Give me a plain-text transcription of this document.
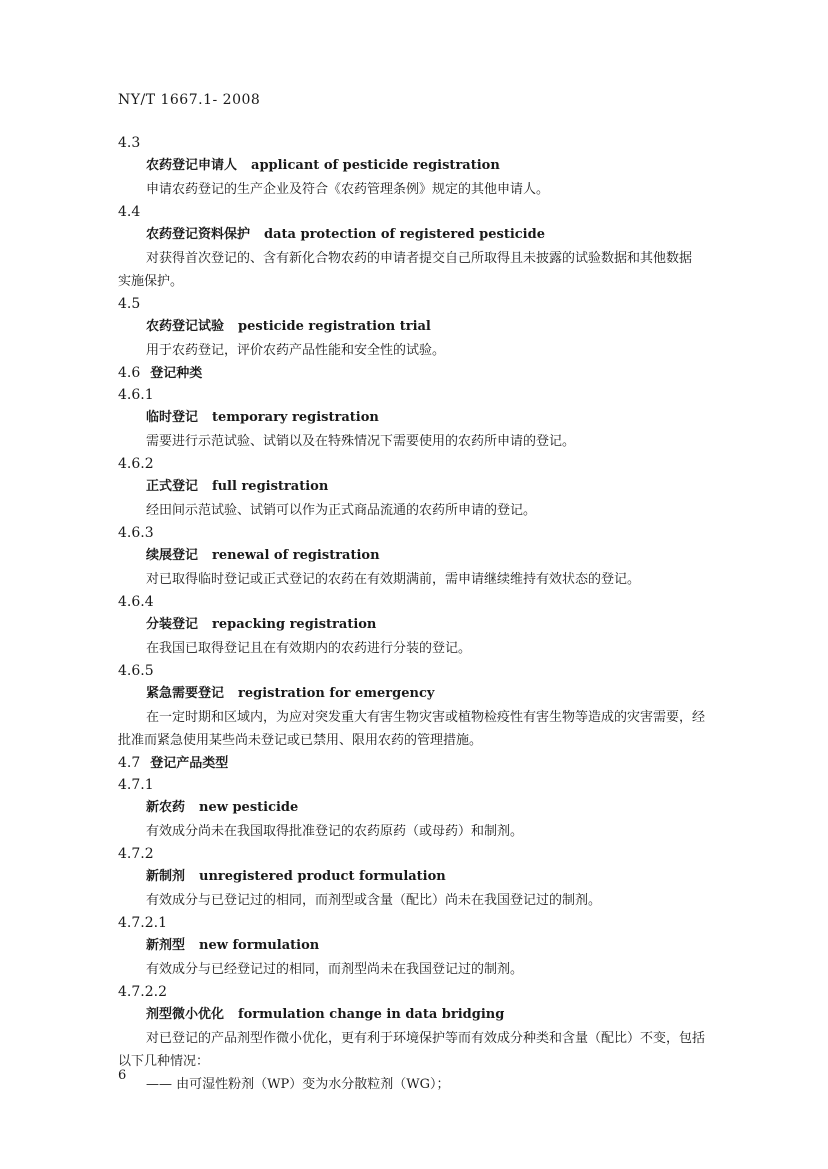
NY/T 1667.1- 2008
4.3
农药登记申请人 applicant of pesticide registration
申请农药登记的生产企业及符合《农药管理条例》规定的其他申请人。
4.4
农药登记资料保护 data protection of registered pesticide
对获得首次登记的、含有新化合物农药的申请者提交自己所取得且未披露的试验数据和其他数据
实施保护。
4.5
农药登记试验 pesticide registration trial
用于农药登记，评价农药产品性能和安全性的试验。
4.6 登记种类
4.6.1
临时登记 temporary registration
需要进行示范试验、试销以及在特殊情况下需要使用的农药所申请的登记。
4.6.2
正式登记 full registration
经田间示范试验、试销可以作为正式商品流通的农药所申请的登记。
4.6.3
续展登记 renewal of registration
对已取得临时登记或正式登记的农药在有效期满前，需申请继续维持有效状态的登记。
4.6.4
分装登记 repacking registration
在我国已取得登记且在有效期内的农药进行分装的登记。
4.6.5
紧急需要登记 registration for emergency
在一定时期和区域内，为应对突发重大有害生物灾害或植物检疫性有害生物等造成的灾害需要，经
批准而紧急使用某些尚未登记或已禁用、限用农药的管理措施。
4.7 登记产品类型
4.7.1
新农药 new pesticide
有效成分尚未在我国取得批准登记的农药原药（或母药）和制剂。
4.7.2
新制剂 unregistered product formulation
有效成分与已登记过的相同，而剂型或含量（配比）尚未在我国登记过的制剂。
4.7.2.1
新剂型 new formulation
有效成分与已经登记过的相同，而剂型尚未在我国登记过的制剂。
4.7.2.2
剂型微小优化 formulation change in data bridging
对已登记的产品剂型作微小优化，更有利于环境保护等而有效成分种类和含量（配比）不变，包括
以下几种情况：
—— 由可湿性粉剂（WP）变为水分散粒剂（WG）；
6
